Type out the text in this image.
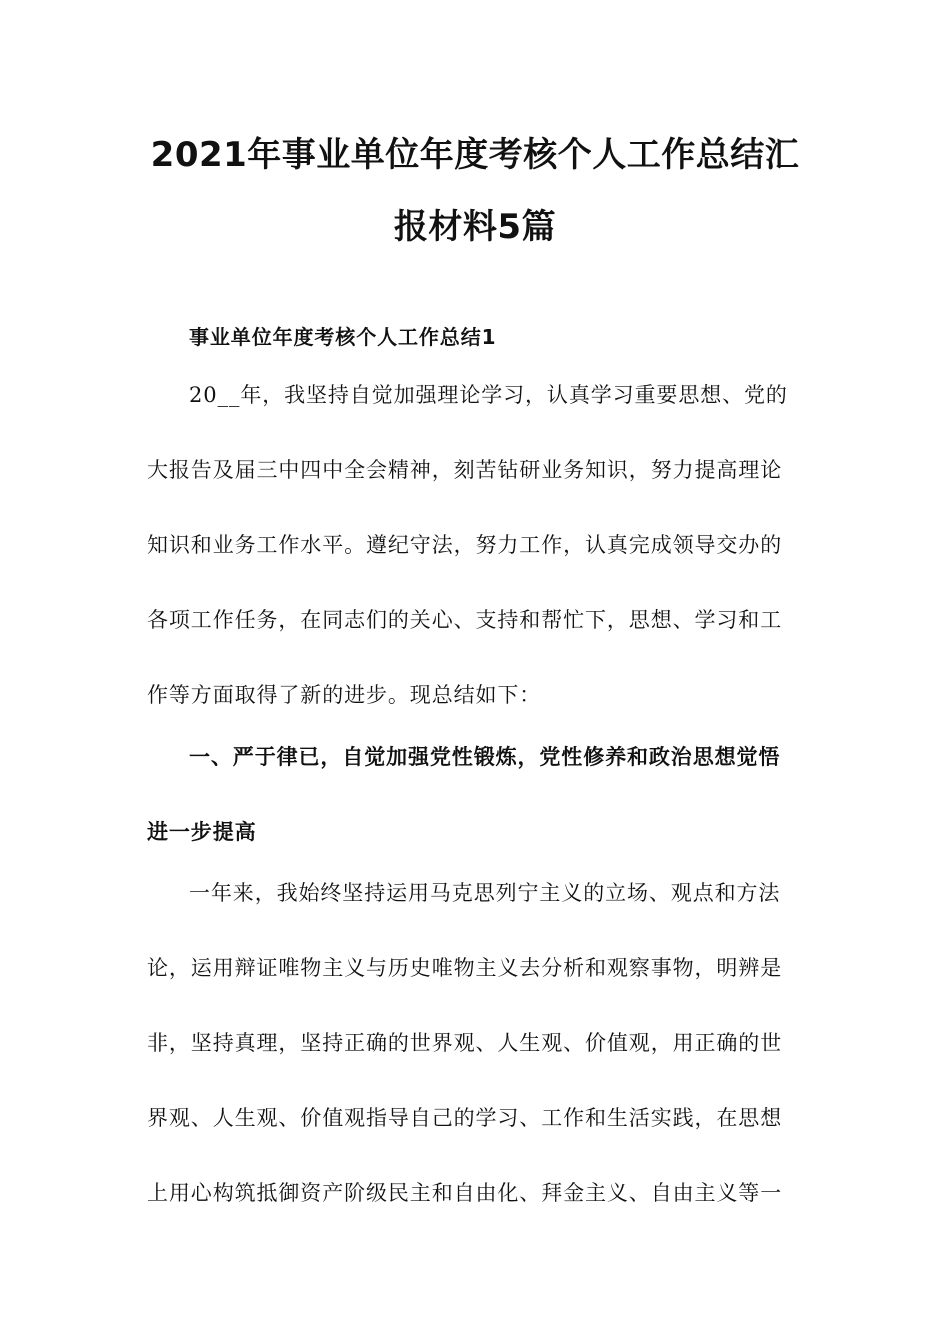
2021年事业单位年度考核个人工作总结汇
报材料5篇
事业单位年度考核个人工作总结1
20__年，我坚持自觉加强理论学习，认真学习重要思想、党的
大报告及届三中四中全会精神，刻苦钻研业务知识，努力提高理论
知识和业务工作水平。遵纪守法，努力工作，认真完成领导交办的
各项工作任务，在同志们的关心、支持和帮忙下，思想、学习和工
作等方面取得了新的进步。现总结如下：
一、严于律已，自觉加强党性锻炼，党性修养和政治思想觉悟
进一步提高
一年来，我始终坚持运用马克思列宁主义的立场、观点和方法
论，运用辩证唯物主义与历史唯物主义去分析和观察事物，明辨是
非，坚持真理，坚持正确的世界观、人生观、价值观，用正确的世
界观、人生观、价值观指导自己的学习、工作和生活实践，在思想
上用心构筑抵御资产阶级民主和自由化、拜金主义、自由主义等一
